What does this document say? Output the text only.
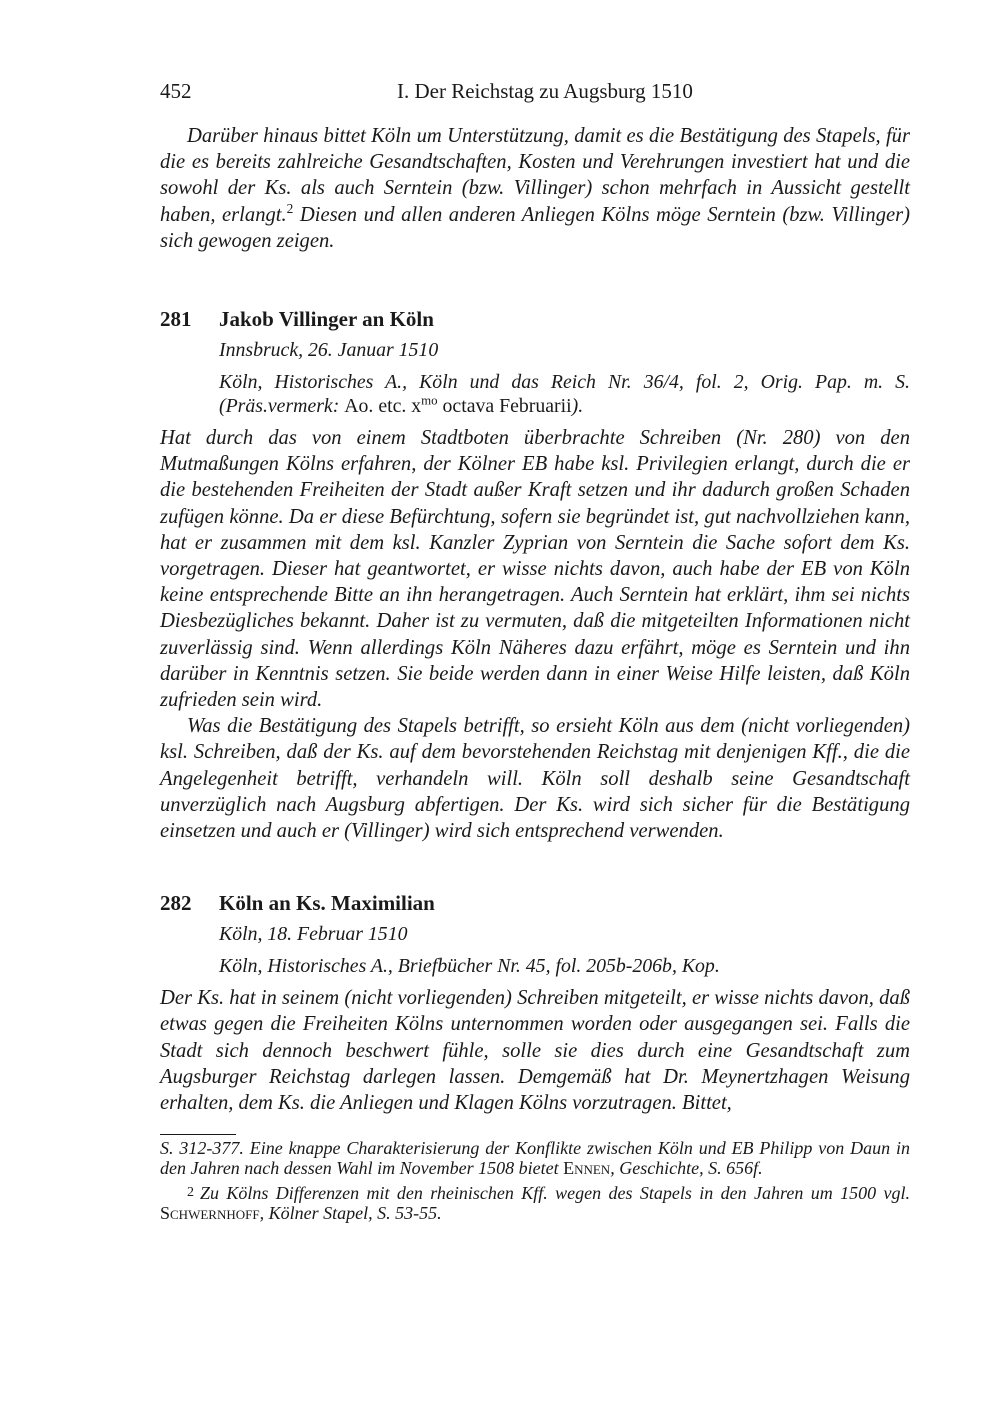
452	I. Der Reichstag zu Augsburg 1510

Darüber hinaus bittet Köln um Unterstützung, damit es die Bestätigung des Stapels, für die es bereits zahlreiche Gesandtschaften, Kosten und Verehrungen investiert hat und die sowohl der Ks. als auch Serntein (bzw. Villinger) schon mehrfach in Aussicht gestellt haben, erlangt.$^2$ Diesen und allen anderen Anliegen Kölns möge Serntein (bzw. Villinger) sich gewogen zeigen.

281	Jakob Villinger an Köln
Innsbruck, 26. Januar 1510
Köln, Historisches A., Köln und das Reich Nr. 36/4, fol. 2, Orig. Pap. m. S. (Präs.vermerk: Ao. etc. $x^{mo}$ octava Februarii).

Hat durch das von einem Stadtboten überbrachte Schreiben (Nr. 280) von den Mutmaßungen Kölns erfahren, der Kölner EB habe ksl. Privilegien erlangt, durch die er die bestehenden Freiheiten der Stadt außer Kraft setzen und ihr dadurch großen Schaden zufügen könne. Da er diese Befürchtung, sofern sie begründet ist, gut nachvollziehen kann, hat er zusammen mit dem ksl. Kanzler Zyprian von Serntein die Sache sofort dem Ks. vorgetragen. Dieser hat geantwortet, er wisse nichts davon, auch habe der EB von Köln keine entsprechende Bitte an ihn herangetragen. Auch Serntein hat erklärt, ihm sei nichts Diesbezügliches bekannt. Daher ist zu vermuten, daß die mitgeteilten Informationen nicht zuverlässig sind. Wenn allerdings Köln Näheres dazu erfährt, möge es Serntein und ihn darüber in Kenntnis setzen. Sie beide werden dann in einer Weise Hilfe leisten, daß Köln zufrieden sein wird.

Was die Bestätigung des Stapels betrifft, so ersieht Köln aus dem (nicht vorliegenden) ksl. Schreiben, daß der Ks. auf dem bevorstehenden Reichstag mit denjenigen Kff., die die Angelegenheit betrifft, verhandeln will. Köln soll deshalb seine Gesandtschaft unverzüglich nach Augsburg abfertigen. Der Ks. wird sich sicher für die Bestätigung einsetzen und auch er (Villinger) wird sich entsprechend verwenden.

282	Köln an Ks. Maximilian
Köln, 18. Februar 1510
Köln, Historisches A., Briefbücher Nr. 45, fol. 205b-206b, Kop.

Der Ks. hat in seinem (nicht vorliegenden) Schreiben mitgeteilt, er wisse nichts davon, daß etwas gegen die Freiheiten Kölns unternommen worden oder ausgegangen sei. Falls die Stadt sich dennoch beschwert fühle, solle sie dies durch eine Gesandtschaft zum Augsburger Reichstag darlegen lassen. Demgemäß hat Dr. Meynertzhagen Weisung erhalten, dem Ks. die Anliegen und Klagen Kölns vorzutragen. Bittet,

S. 312-377. Eine knappe Charakterisierung der Konflikte zwischen Köln und EB Philipp von Daun in den Jahren nach dessen Wahl im November 1508 bietet Ennen, Geschichte, S. 656f.
2 Zu Kölns Differenzen mit den rheinischen Kff. wegen des Stapels in den Jahren um 1500 vgl. Schwernhoff, Kölner Stapel, S. 53-55.
